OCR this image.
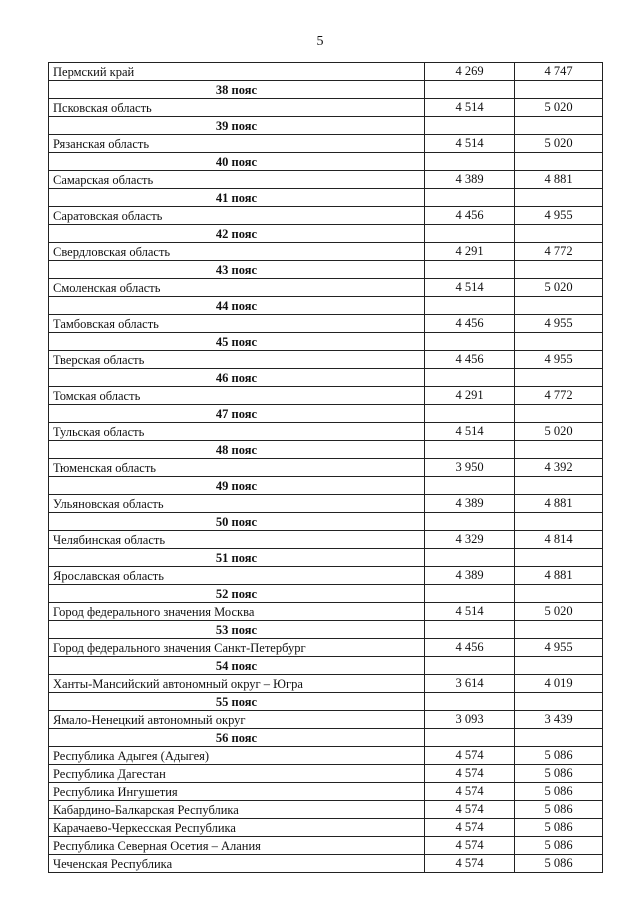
5
Пермский край	4 269	4 747
38 пояс		
Псковская область	4 514	5 020
39 пояс		
Рязанская область	4 514	5 020
40 пояс		
Самарская область	4 389	4 881
41 пояс		
Саратовская область	4 456	4 955
42 пояс		
Свердловская область	4 291	4 772
43 пояс		
Смоленская область	4 514	5 020
44 пояс		
Тамбовская область	4 456	4 955
45 пояс		
Тверская область	4 456	4 955
46 пояс		
Томская область	4 291	4 772
47 пояс		
Тульская область	4 514	5 020
48 пояс		
Тюменская область	3 950	4 392
49 пояс		
Ульяновская область	4 389	4 881
50 пояс		
Челябинская область	4 329	4 814
51 пояс		
Ярославская область	4 389	4 881
52 пояс		
Город федерального значения Москва	4 514	5 020
53 пояс		
Город федерального значения Санкт-Петербург	4 456	4 955
54 пояс		
Ханты-Мансийский автономный округ – Югра	3 614	4 019
55 пояс		
Ямало-Ненецкий автономный округ	3 093	3 439
56 пояс		
Республика Адыгея (Адыгея)	4 574	5 086
Республика Дагестан	4 574	5 086
Республика Ингушетия	4 574	5 086
Кабардино-Балкарская Республика	4 574	5 086
Карачаево-Черкесская Республика	4 574	5 086
Республика Северная Осетия – Алания	4 574	5 086
Чеченская Республика	4 574	5 086
